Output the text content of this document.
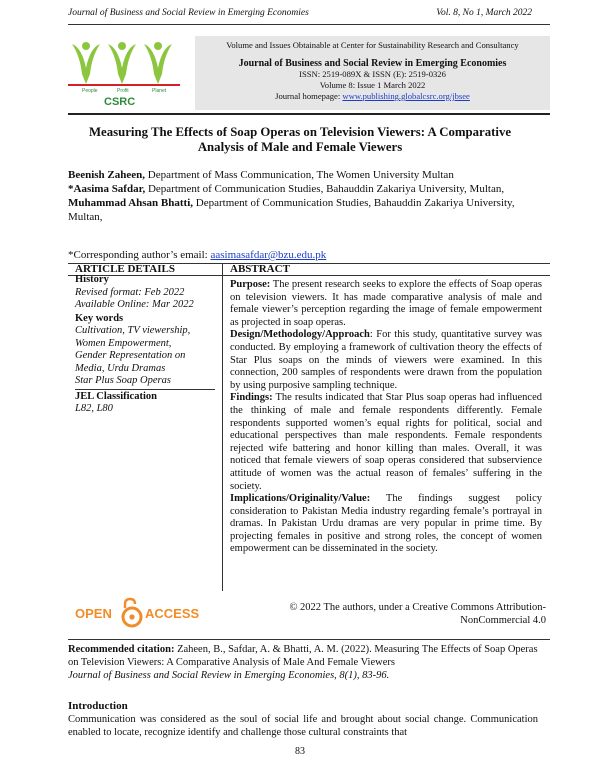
Journal of Business and Social Review in Emerging Economies	Vol. 8, No 1, March 2022
People	Profit	Planet
CSRC
Volume and Issues Obtainable at Center for Sustainability Research and Consultancy
Journal of Business and Social Review in Emerging Economies
ISSN: 2519-089X & ISSN (E): 2519-0326
Volume 8: Issue 1 March 2022
Journal homepage: www.publishing.globalcsrc.org/jbsee
Measuring The Effects of Soap Operas on Television Viewers: A Comparative
Analysis of Male and Female Viewers

Beenish Zaheen, Department of Mass Communication, The Women University Multan

*Aasima Safdar, Department of Communication Studies, Bahauddin Zakariya University, Multan,

Muhammad Ahsan Bhatti, Department of Communication Studies, Bahauddin Zakariya University, Multan,

*Corresponding author’s email: aasimasafdar@bzu.edu.pk
ARTICLE DETAILS	ABSTRACT
History
Revised format: Feb 2022
Available Online: Mar 2022
Key words
Cultivation, TV viewership,
Women Empowerment,
Gender Representation on
Media, Urdu Dramas
Star Plus Soap Operas
JEL Classification
L82, L80
Purpose: The present research seeks to explore the effects of Soap operas on television viewers. It has made comparative analysis of male and female viewer’s perception regarding the image of female empowerment as projected in soap operas.
Design/Methodology/Approach: For this study, quantitative survey was conducted. By employing a framework of cultivation theory the effects of Star Plus soaps on the minds of viewers were examined. In this connection, 200 samples of respondents were drawn from the population by using purposive sampling technique.
Findings: The results indicated that Star Plus soap operas had influenced the thinking of male and female respondents differently. Female respondents supported women’s equal rights for political, social and educational perspectives than male respondents. Female respondents rejected wife battering and honor killing than males. Overall, it was noticed that female viewers of soap operas considered that subservience attitude of women was the actual reason of females’ suffering in the society.
Implications/Originality/Value: The findings suggest policy consideration to Pakistan Media industry regarding female’s portrayal in dramas. In Pakistan Urdu dramas are very popular in prime time. By projecting females in positive and strong roles, the concept of women empowerment can be disseminated in the society.
OPEN	ACCESS	© 2022 The authors, under a Creative Commons Attribution-
NonCommercial 4.0
Recommended citation: Zaheen, B., Safdar, A. & Bhatti, A. M. (2022). Measuring The Effects of Soap Operas on Television Viewers: A Comparative Analysis of Male And Female Viewers
Journal of Business and Social Review in Emerging Economies, 8(1), 83-96.
Introduction
Communication was considered as the soul of social life and brought about social change. Communication enabled to locate, recognize identify and challenge those cultural constraints that
83
